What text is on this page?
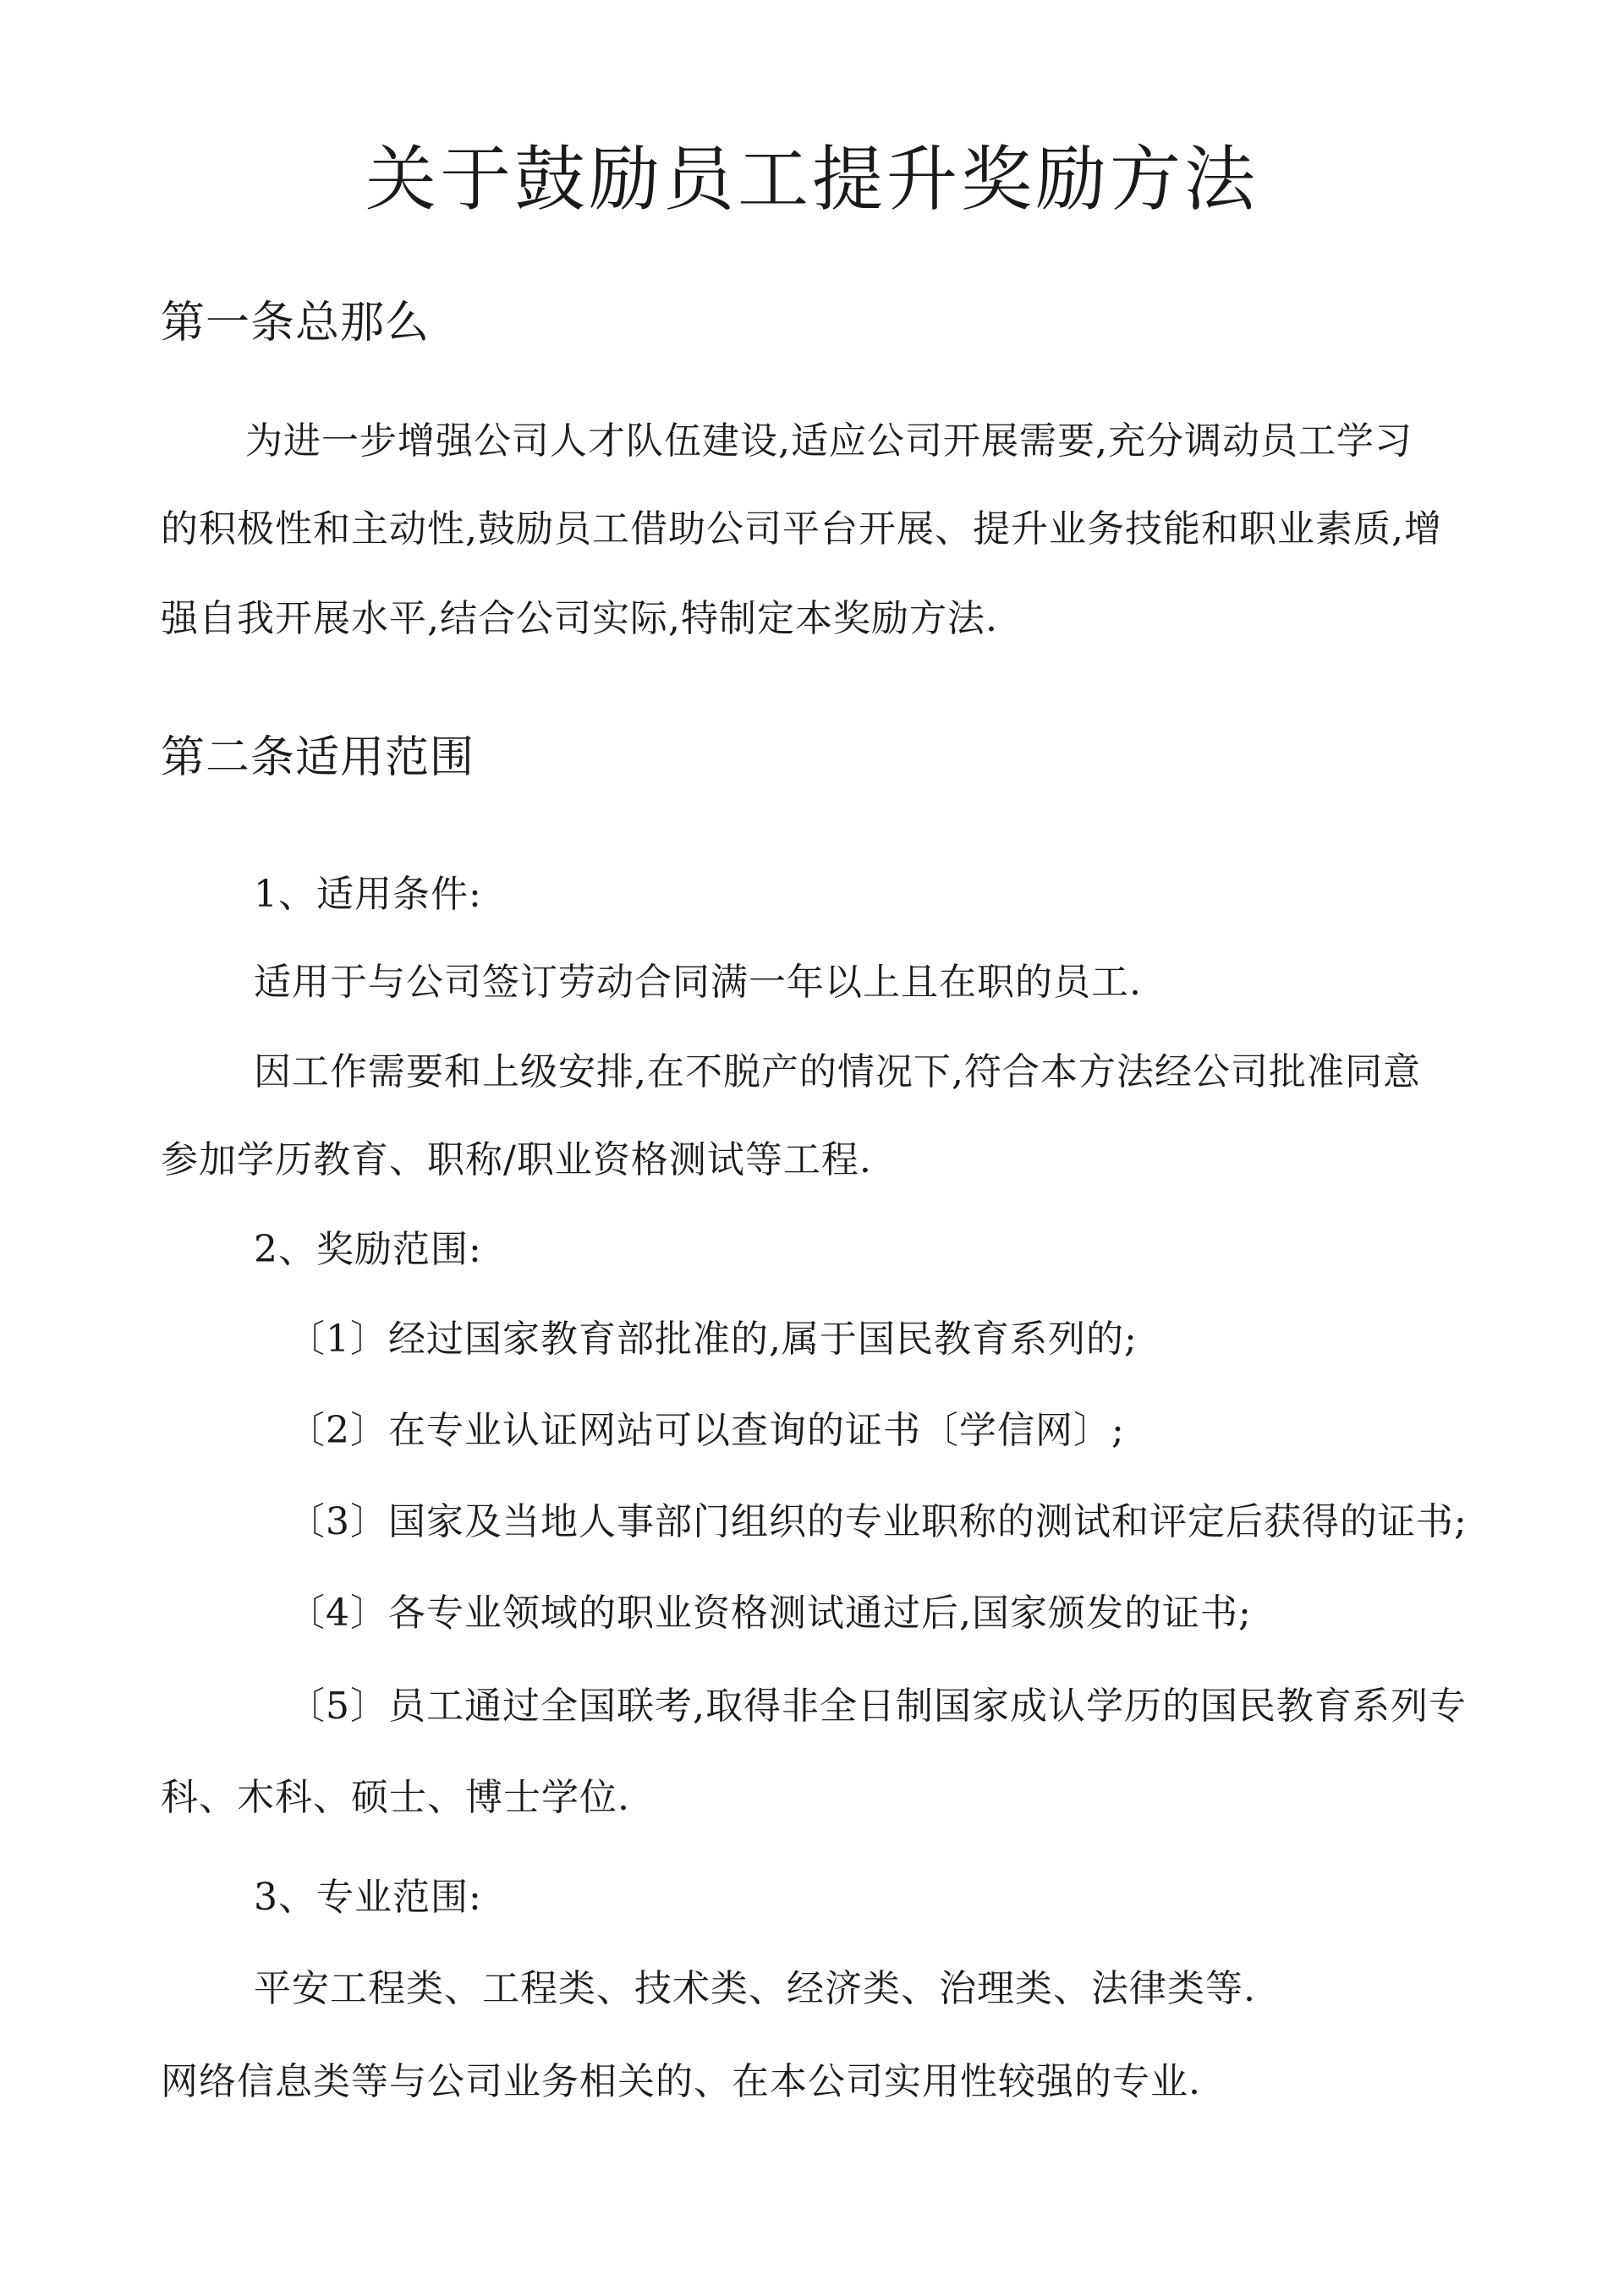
关于鼓励员工提升奖励方法
第一条总那么
为进一步增强公司人才队伍建设,适应公司开展需要,充分调动员工学习
的积极性和主动性,鼓励员工借助公司平台开展、提升业务技能和职业素质,增
强自我开展水平,结合公司实际,特制定本奖励方法.
第二条适用范围
1、适用条件:
适用于与公司签订劳动合同满一年以上且在职的员工.
因工作需要和上级安排,在不脱产的情况下,符合本方法经公司批准同意
参加学历教育、职称/职业资格测试等工程.
2、奖励范围:
〔1〕经过国家教育部批准的,属于国民教育系列的;
〔2〕在专业认证网站可以查询的证书〔学信网〕;
〔3〕国家及当地人事部门组织的专业职称的测试和评定后获得的证书;
〔4〕各专业领域的职业资格测试通过后,国家颁发的证书;
〔5〕员工通过全国联考,取得非全日制国家成认学历的国民教育系列专
科、木科、硕士、博士学位.
3、专业范围:
平安工程类、工程类、技术类、经济类、治理类、法律类等.
网络信息类等与公司业务相关的、在本公司实用性较强的专业.
